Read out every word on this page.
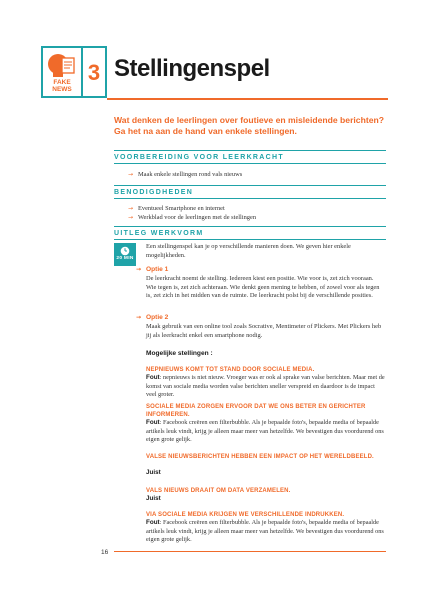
FAKE
NEWS
3 Stellingenspel
Wat denken de leerlingen over foutieve en misleidende berichten? Ga het na aan de hand van enkele stellingen.
VOORBEREIDING VOOR LEERKRACHT
→ Maak enkele stellingen rond vals nieuws
BENODIGDHEDEN
→ Eventueel Smartphone en internet
→ Werkblad voor de leerlingen met de stellingen
UITLEG WERKVORM
20 MIN
Een stellingenspel kan je op verschillende manieren doen. We geven hier enkele mogelijkheden.
→ Optie 1
De leerkracht noemt de stelling. Iedereen kiest een positie. Wie voor is, zet zich vooraan. Wie tegen is, zet zich achteraan. Wie denkt geen mening te hebben, of zowel voor als tegen is, zet zich in het midden van de ruimte. De leerkracht polst bij de verschillende posities.
→ Optie 2
Maak gebruik van een online tool zoals Socrative, Mentimeter of Plickers. Met Plickers heb jij als leerkracht enkel een smartphone nodig.
Mogelijke stellingen :
NEPNIEUWS KOMT TOT STAND DOOR SOCIALE MEDIA.
Fout: nepnieuws is niet nieuw. Vroeger was er ook al sprake van valse berichten. Maar met de komst van sociale media worden valse berichten sneller verspreid en daardoor is de impact veel groter.
SOCIALE MEDIA ZORGEN ERVOOR DAT WE ONS BETER EN GERICHTER INFORMEREN.
Fout: Facebook creëren een filterbubble. Als je bepaalde foto's, bepaalde media of bepaalde artikels leuk vindt, krijg je alleen maar meer van hetzelfde. We bevestigen dus voordurend ons eigen grote gelijk.
VALSE NIEUWSBERICHTEN HEBBEN EEN IMPACT OP HET WERELDBEELD.
Juist
VALS NIEUWS DRAAIT OM DATA VERZAMELEN.
Juist
VIA SOCIALE MEDIA KRIJGEN WE VERSCHILLENDE INDRUKKEN.
Fout: Facebook creëren een filterbubble. Als je bepaalde foto's, bepaalde media of bepaalde artikels leuk vindt, krijg je alleen maar meer van hetzelfde. We bevestigen dus voordurend ons eigen grote gelijk.
16
